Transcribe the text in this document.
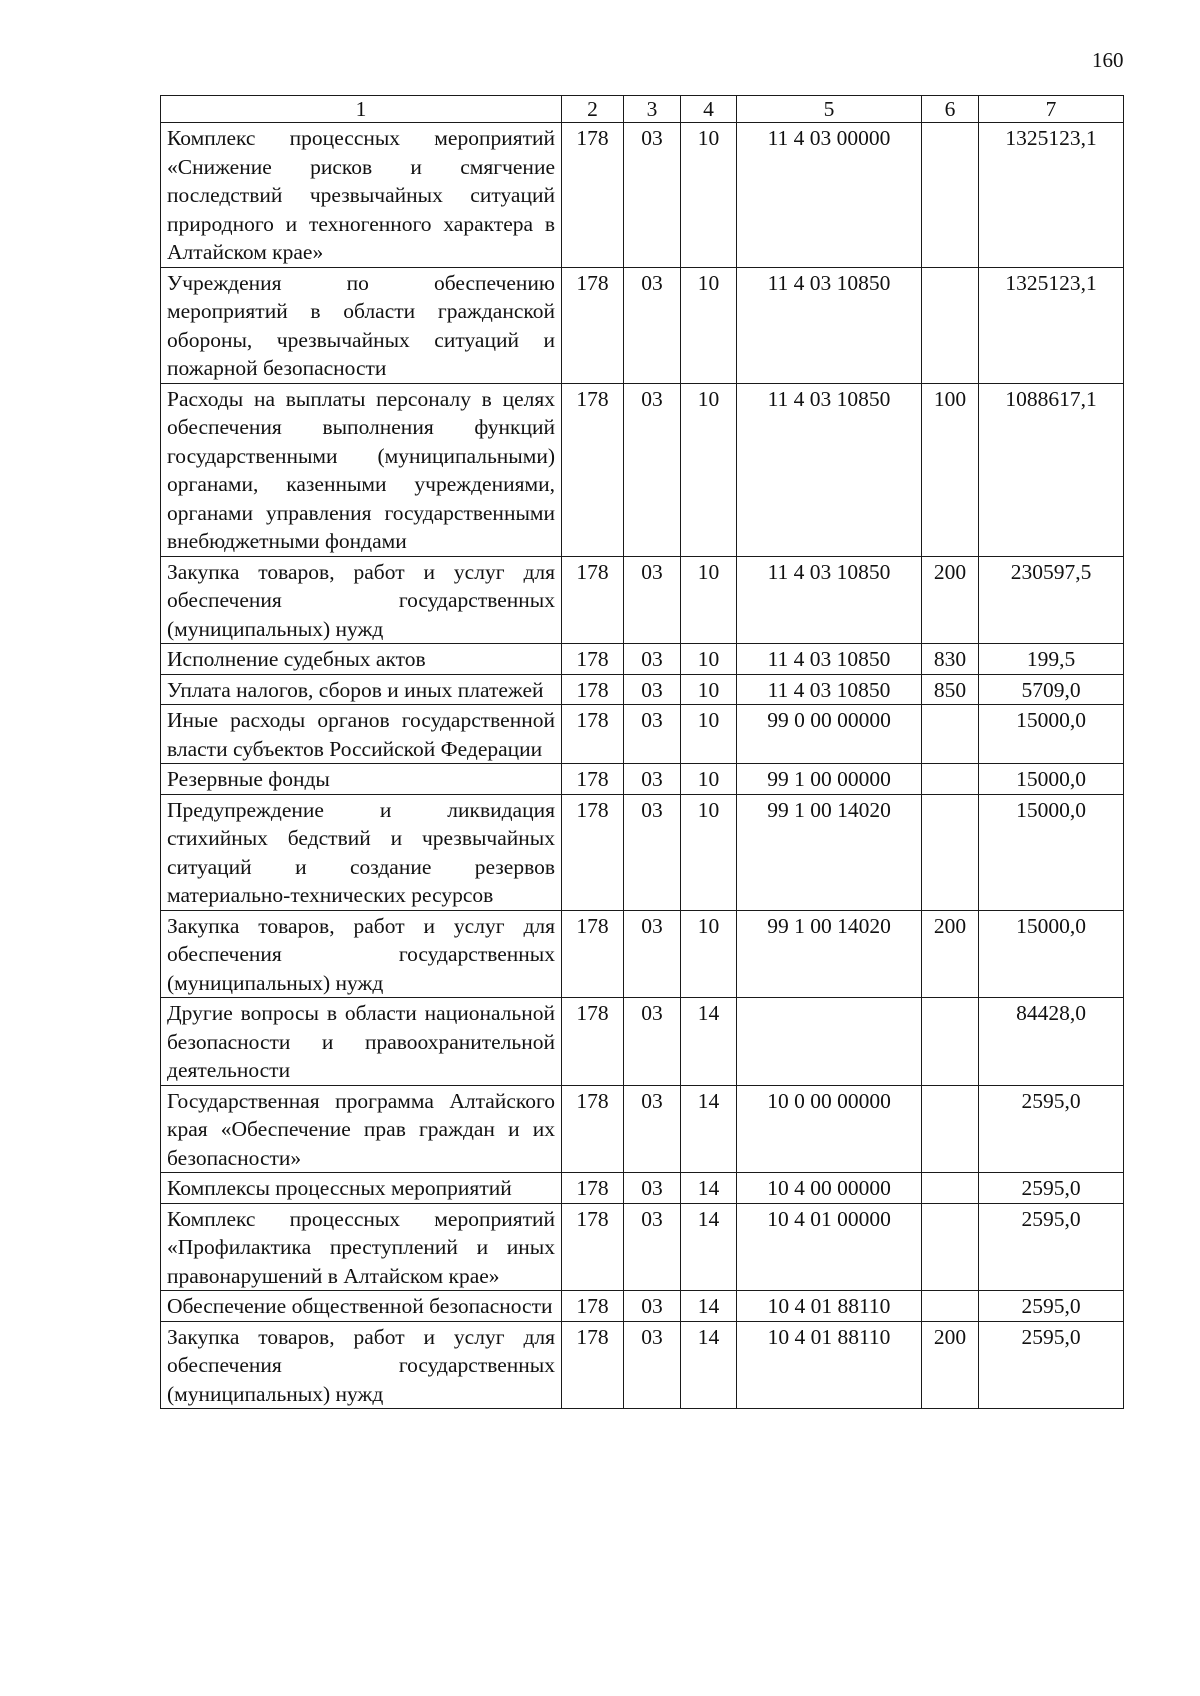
160
1	2	3	4	5	6	7
Комплекс процессных мероприятий «Снижение рисков и смягчение последствий чрезвычайных ситуаций природного и техногенного характера в Алтайском крае»	178	03	10	11 4 03 00000		1325123,1
Учреждения по обеспечению мероприятий в области гражданской обороны, чрезвычайных ситуаций и пожарной безопасности	178	03	10	11 4 03 10850		1325123,1
Расходы на выплаты персоналу в целях обеспечения выполнения функций государственными (муниципальными) органами, казенными учреждениями, органами управления государственными внебюджетными фондами	178	03	10	11 4 03 10850	100	1088617,1
Закупка товаров, работ и услуг для обеспечения государственных (муниципальных) нужд	178	03	10	11 4 03 10850	200	230597,5
Исполнение судебных актов	178	03	10	11 4 03 10850	830	199,5
Уплата налогов, сборов и иных платежей	178	03	10	11 4 03 10850	850	5709,0
Иные расходы органов государственной власти субъектов Российской Федерации	178	03	10	99 0 00 00000		15000,0
Резервные фонды	178	03	10	99 1 00 00000		15000,0
Предупреждение и ликвидация стихийных бедствий и чрезвычайных ситуаций и создание резервов материально-технических ресурсов	178	03	10	99 1 00 14020		15000,0
Закупка товаров, работ и услуг для обеспечения государственных (муниципальных) нужд	178	03	10	99 1 00 14020	200	15000,0
Другие вопросы в области национальной безопасности и правоохранительной деятельности	178	03	14			84428,0
Государственная программа Алтайского края «Обеспечение прав граждан и их безопасности»	178	03	14	10 0 00 00000		2595,0
Комплексы процессных мероприятий	178	03	14	10 4 00 00000		2595,0
Комплекс процессных мероприятий «Профилактика преступлений и иных правонарушений в Алтайском крае»	178	03	14	10 4 01 00000		2595,0
Обеспечение общественной безопасности	178	03	14	10 4 01 88110		2595,0
Закупка товаров, работ и услуг для обеспечения государственных (муниципальных) нужд	178	03	14	10 4 01 88110	200	2595,0
